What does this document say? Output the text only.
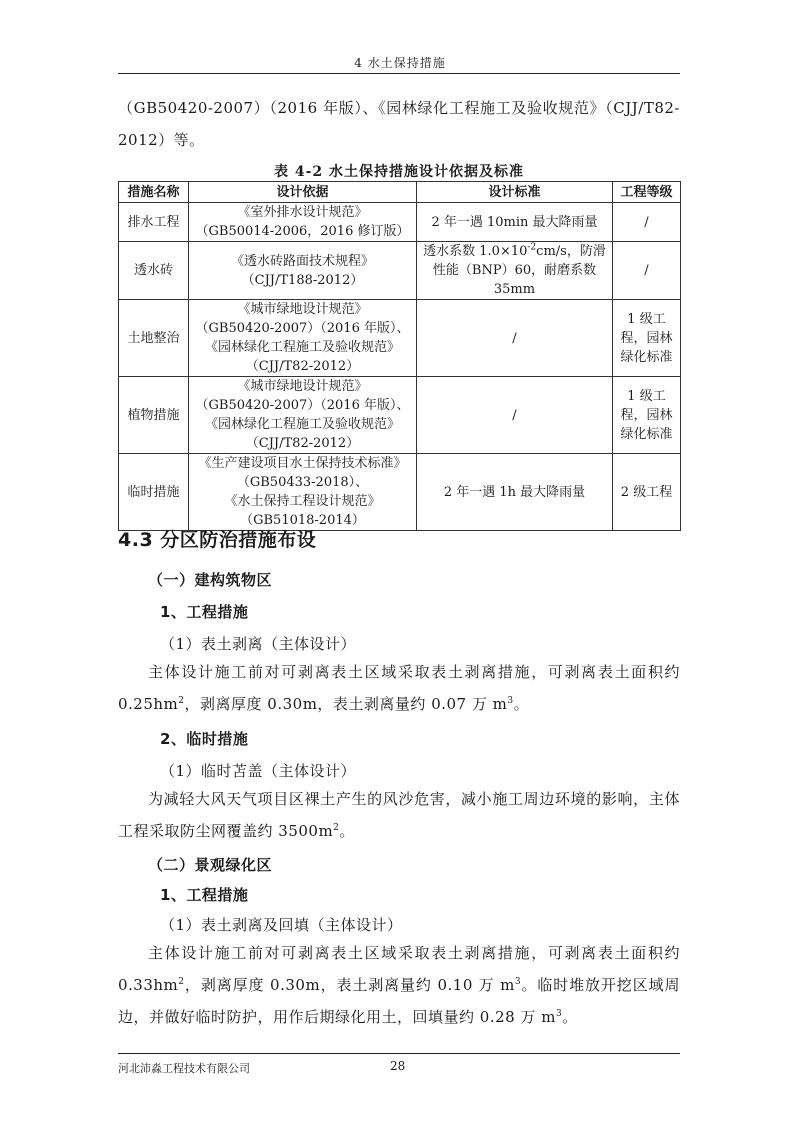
4 水土保持措施

（GB50420-2007）（2016 年版）、《园林绿化工程施工及验收规范》（CJJ/T82-2012）等。

表 4-2 水土保持措施设计依据及标准
措施名称	设计依据	设计标准	工程等级
排水工程	《室外排水设计规范》
（GB50014-2006，2016 修订版）	2 年一遇 10min 最大降雨量	/
透水砖	《透水砖路面技术规程》
（CJJ/T188-2012）	透水系数 $1.0\times 10^{-2}cm/s$，防滑性能（BNP）60，耐磨系数 35mm	/
土地整治	《城市绿地设计规范》
（GB50420-2007）（2016 年版）、
《园林绿化工程施工及验收规范》
（CJJ/T82-2012）	/	1 级工程，园林绿化标准
植物措施	《城市绿地设计规范》
（GB50420-2007）（2016 年版）、
《园林绿化工程施工及验收规范》
（CJJ/T82-2012）	/	1 级工程，园林绿化标准
临时措施	《生产建设项目水土保持技术标准》
（GB50433-2018）、
《水土保持工程设计规范》
（GB51018-2014）	2 年一遇 1h 最大降雨量	2 级工程
4.3 分区防治措施布设
（一）建构筑物区
1、工程措施
（1）表土剥离（主体设计）

主体设计施工前对可剥离表土区域采取表土剥离措施，可剥离表土面积约 $0.25hm^2$，剥离厚度 0.30m，表土剥离量约 0.07 万 $m^3$。

2、临时措施
（1）临时苫盖（主体设计）

为减轻大风天气项目区裸土产生的风沙危害，减小施工周边环境的影响，主体工程采取防尘网覆盖约 $3500m^2$。

（二）景观绿化区
1、工程措施
（1）表土剥离及回填（主体设计）

主体设计施工前对可剥离表土区域采取表土剥离措施，可剥离表土面积约 $0.33hm^2$，剥离厚度 0.30m，表土剥离量约 0.10 万 $m^3$。临时堆放开挖区域周边，并做好临时防护，用作后期绿化用土，回填量约 0.28 万 $m^3$。

河北沛淼工程技术有限公司	28
